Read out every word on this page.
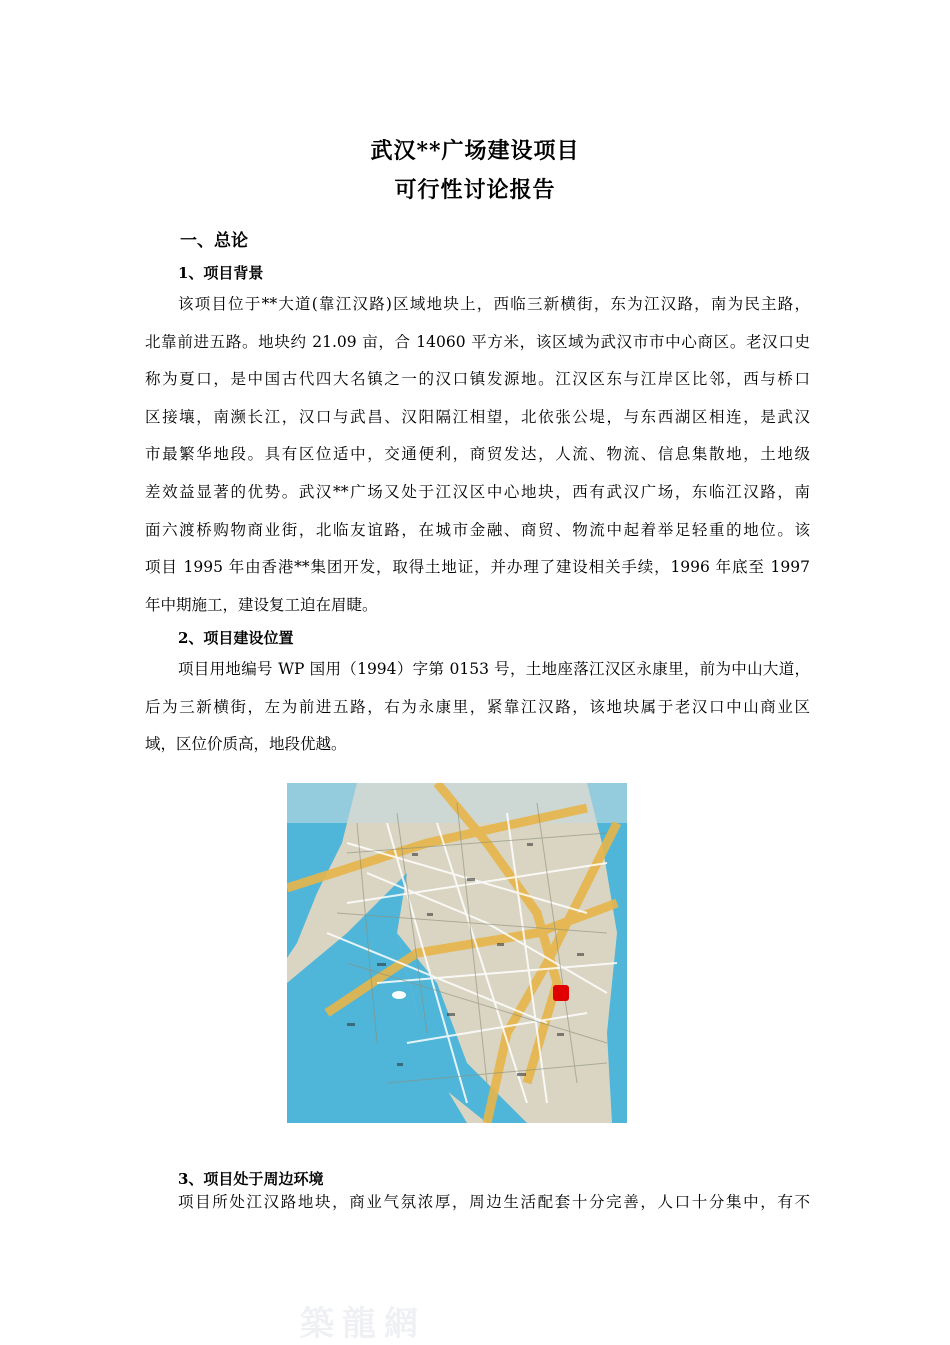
武汉**广场建设项目
可行性讨论报告
一、总论
1、项目背景
该项目位于**大道(靠江汉路)区域地块上，西临三新横街，东为江汉路，南为民主路，
北靠前进五路。地块约 21.09 亩，合 14060 平方米，该区域为武汉市市中心商区。老汉口史
称为夏口，是中国古代四大名镇之一的汉口镇发源地。江汉区东与江岸区比邻，西与桥口
区接壤，南濒长江，汉口与武昌、汉阳隔江相望，北依张公堤，与东西湖区相连，是武汉
市最繁华地段。具有区位适中，交通便利，商贸发达，人流、物流、信息集散地，土地级
差效益显著的优势。武汉**广场又处于江汉区中心地块，西有武汉广场，东临江汉路，南
面六渡桥购物商业街，北临友谊路，在城市金融、商贸、物流中起着举足轻重的地位。该
项目 1995 年由香港**集团开发，取得土地证，并办理了建设相关手续，1996 年底至 1997
年中期施工，建设复工迫在眉睫。
2、项目建设位置
项目用地编号 WP 国用（1994）字第 0153 号，土地座落江汉区永康里，前为中山大道，
后为三新横街，左为前进五路，右为永康里，紧靠江汉路，该地块属于老汉口中山商业区
域，区位价质高，地段优越。
3、项目处于周边环境
项目所处江汉路地块，商业气氛浓厚，周边生活配套十分完善，人口十分集中，有不
築龍網
